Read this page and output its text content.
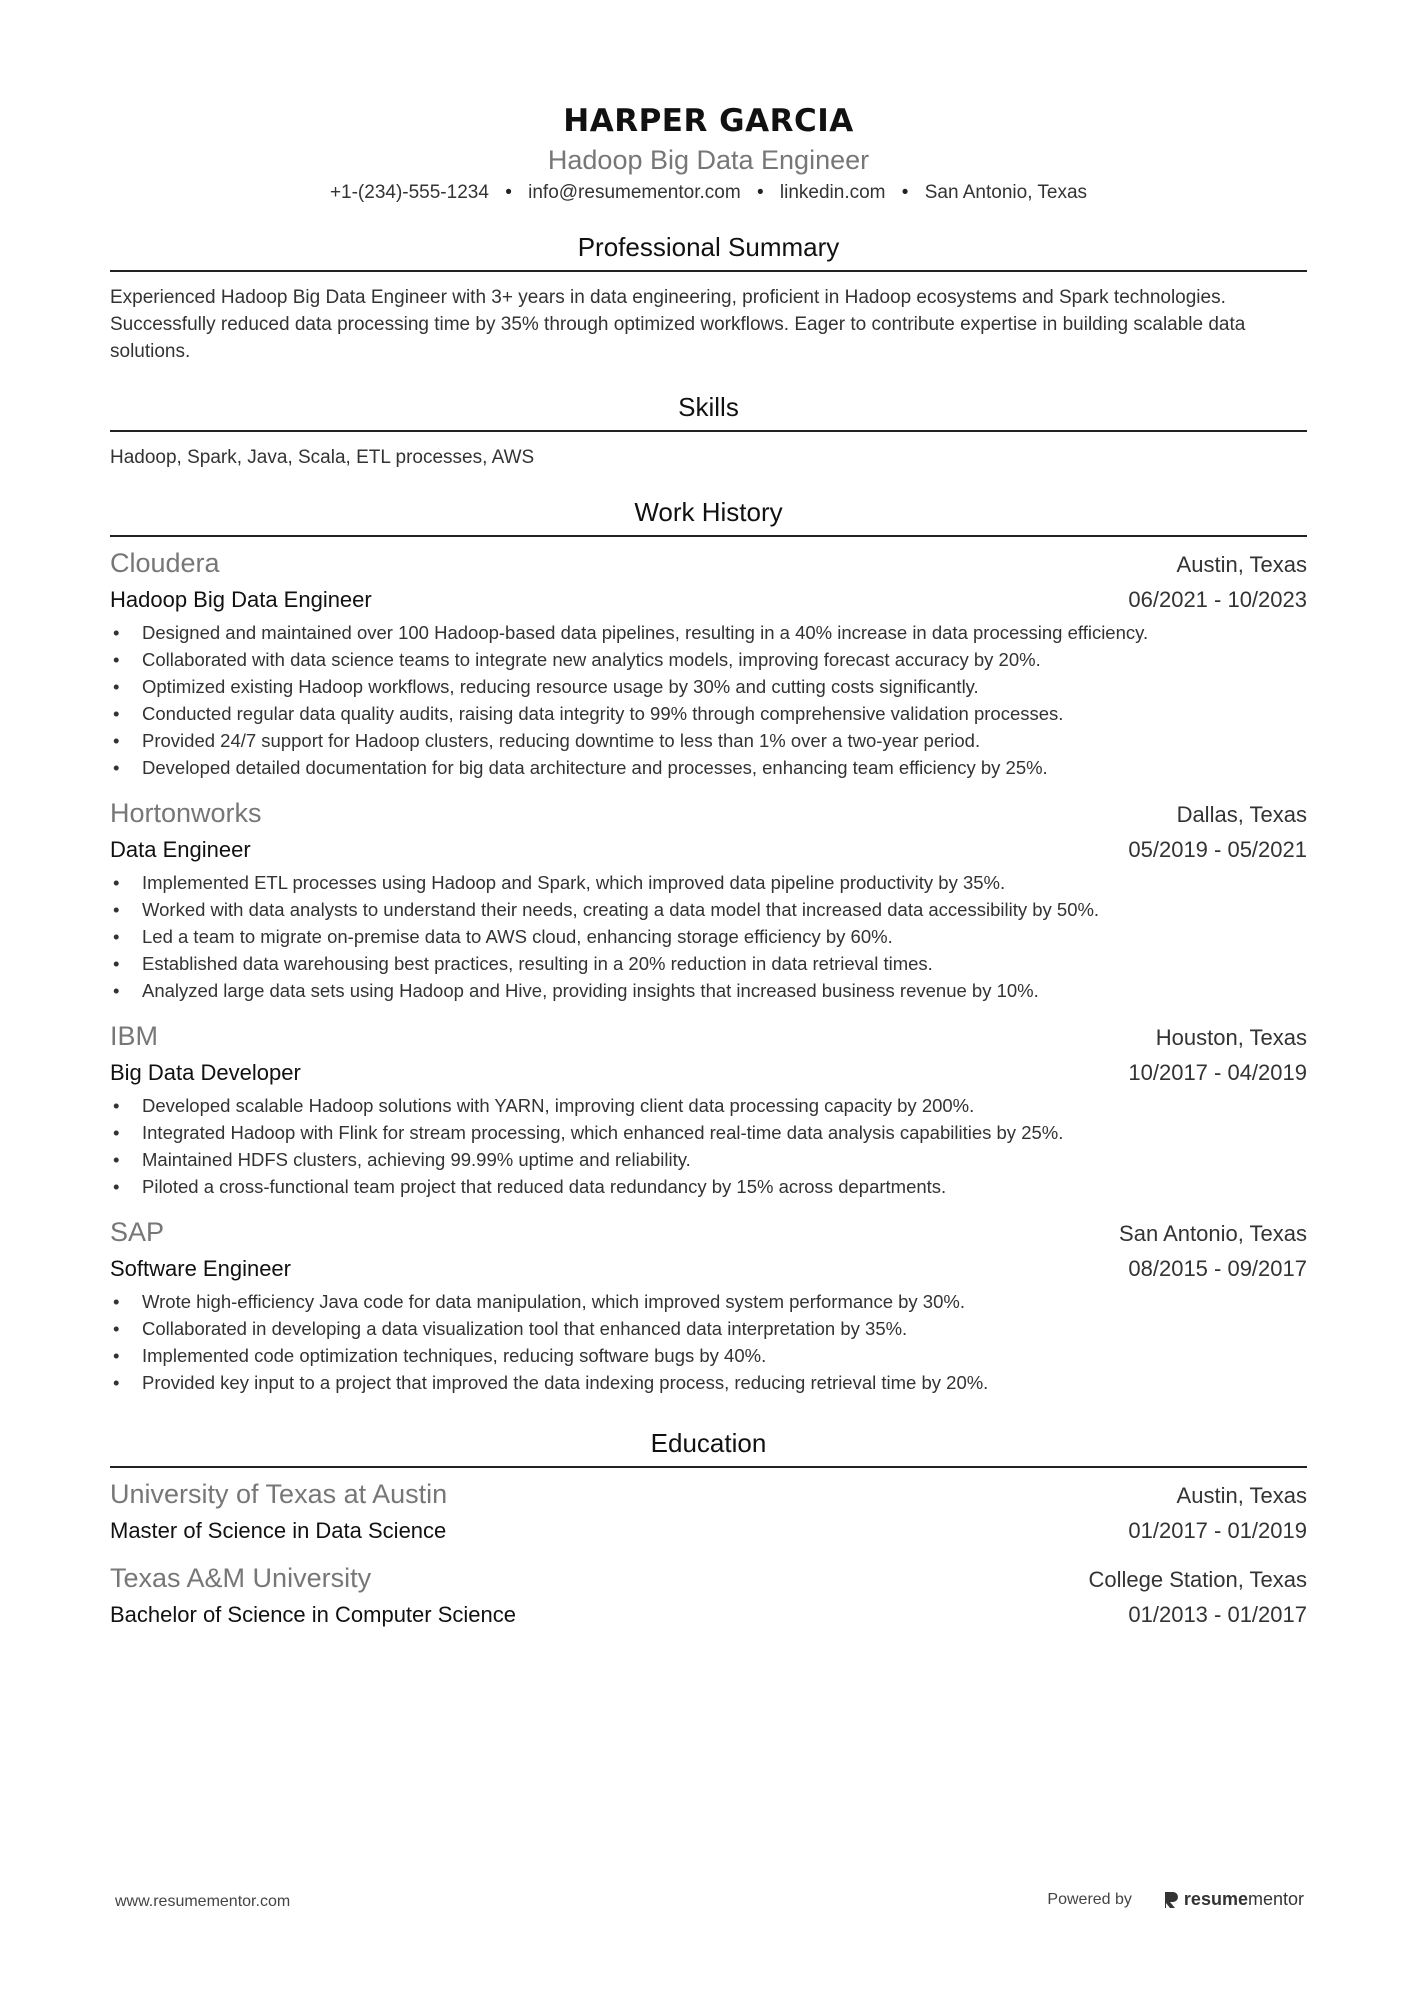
HARPER GARCIA
Hadoop Big Data Engineer
+1-(234)-555-1234 • info@resumementor.com • linkedin.com • San Antonio, Texas
Professional Summary
Experienced Hadoop Big Data Engineer with 3+ years in data engineering, proficient in Hadoop ecosystems and Spark technologies. Successfully reduced data processing time by 35% through optimized workflows. Eager to contribute expertise in building scalable data solutions.
Skills
Hadoop, Spark, Java, Scala, ETL processes, AWS
Work History
Cloudera	Austin, Texas
Hadoop Big Data Engineer	06/2021 - 10/2023
• Designed and maintained over 100 Hadoop-based data pipelines, resulting in a 40% increase in data processing efficiency.
• Collaborated with data science teams to integrate new analytics models, improving forecast accuracy by 20%.
• Optimized existing Hadoop workflows, reducing resource usage by 30% and cutting costs significantly.
• Conducted regular data quality audits, raising data integrity to 99% through comprehensive validation processes.
• Provided 24/7 support for Hadoop clusters, reducing downtime to less than 1% over a two-year period.
• Developed detailed documentation for big data architecture and processes, enhancing team efficiency by 25%.
Hortonworks	Dallas, Texas
Data Engineer	05/2019 - 05/2021
• Implemented ETL processes using Hadoop and Spark, which improved data pipeline productivity by 35%.
• Worked with data analysts to understand their needs, creating a data model that increased data accessibility by 50%.
• Led a team to migrate on-premise data to AWS cloud, enhancing storage efficiency by 60%.
• Established data warehousing best practices, resulting in a 20% reduction in data retrieval times.
• Analyzed large data sets using Hadoop and Hive, providing insights that increased business revenue by 10%.
IBM	Houston, Texas
Big Data Developer	10/2017 - 04/2019
• Developed scalable Hadoop solutions with YARN, improving client data processing capacity by 200%.
• Integrated Hadoop with Flink for stream processing, which enhanced real-time data analysis capabilities by 25%.
• Maintained HDFS clusters, achieving 99.99% uptime and reliability.
• Piloted a cross-functional team project that reduced data redundancy by 15% across departments.
SAP	San Antonio, Texas
Software Engineer	08/2015 - 09/2017
• Wrote high-efficiency Java code for data manipulation, which improved system performance by 30%.
• Collaborated in developing a data visualization tool that enhanced data interpretation by 35%.
• Implemented code optimization techniques, reducing software bugs by 40%.
• Provided key input to a project that improved the data indexing process, reducing retrieval time by 20%.
Education
University of Texas at Austin	Austin, Texas
Master of Science in Data Science	01/2017 - 01/2019
Texas A&M University	College Station, Texas
Bachelor of Science in Computer Science	01/2013 - 01/2017
www.resumementor.com	Powered by	resume mentor
